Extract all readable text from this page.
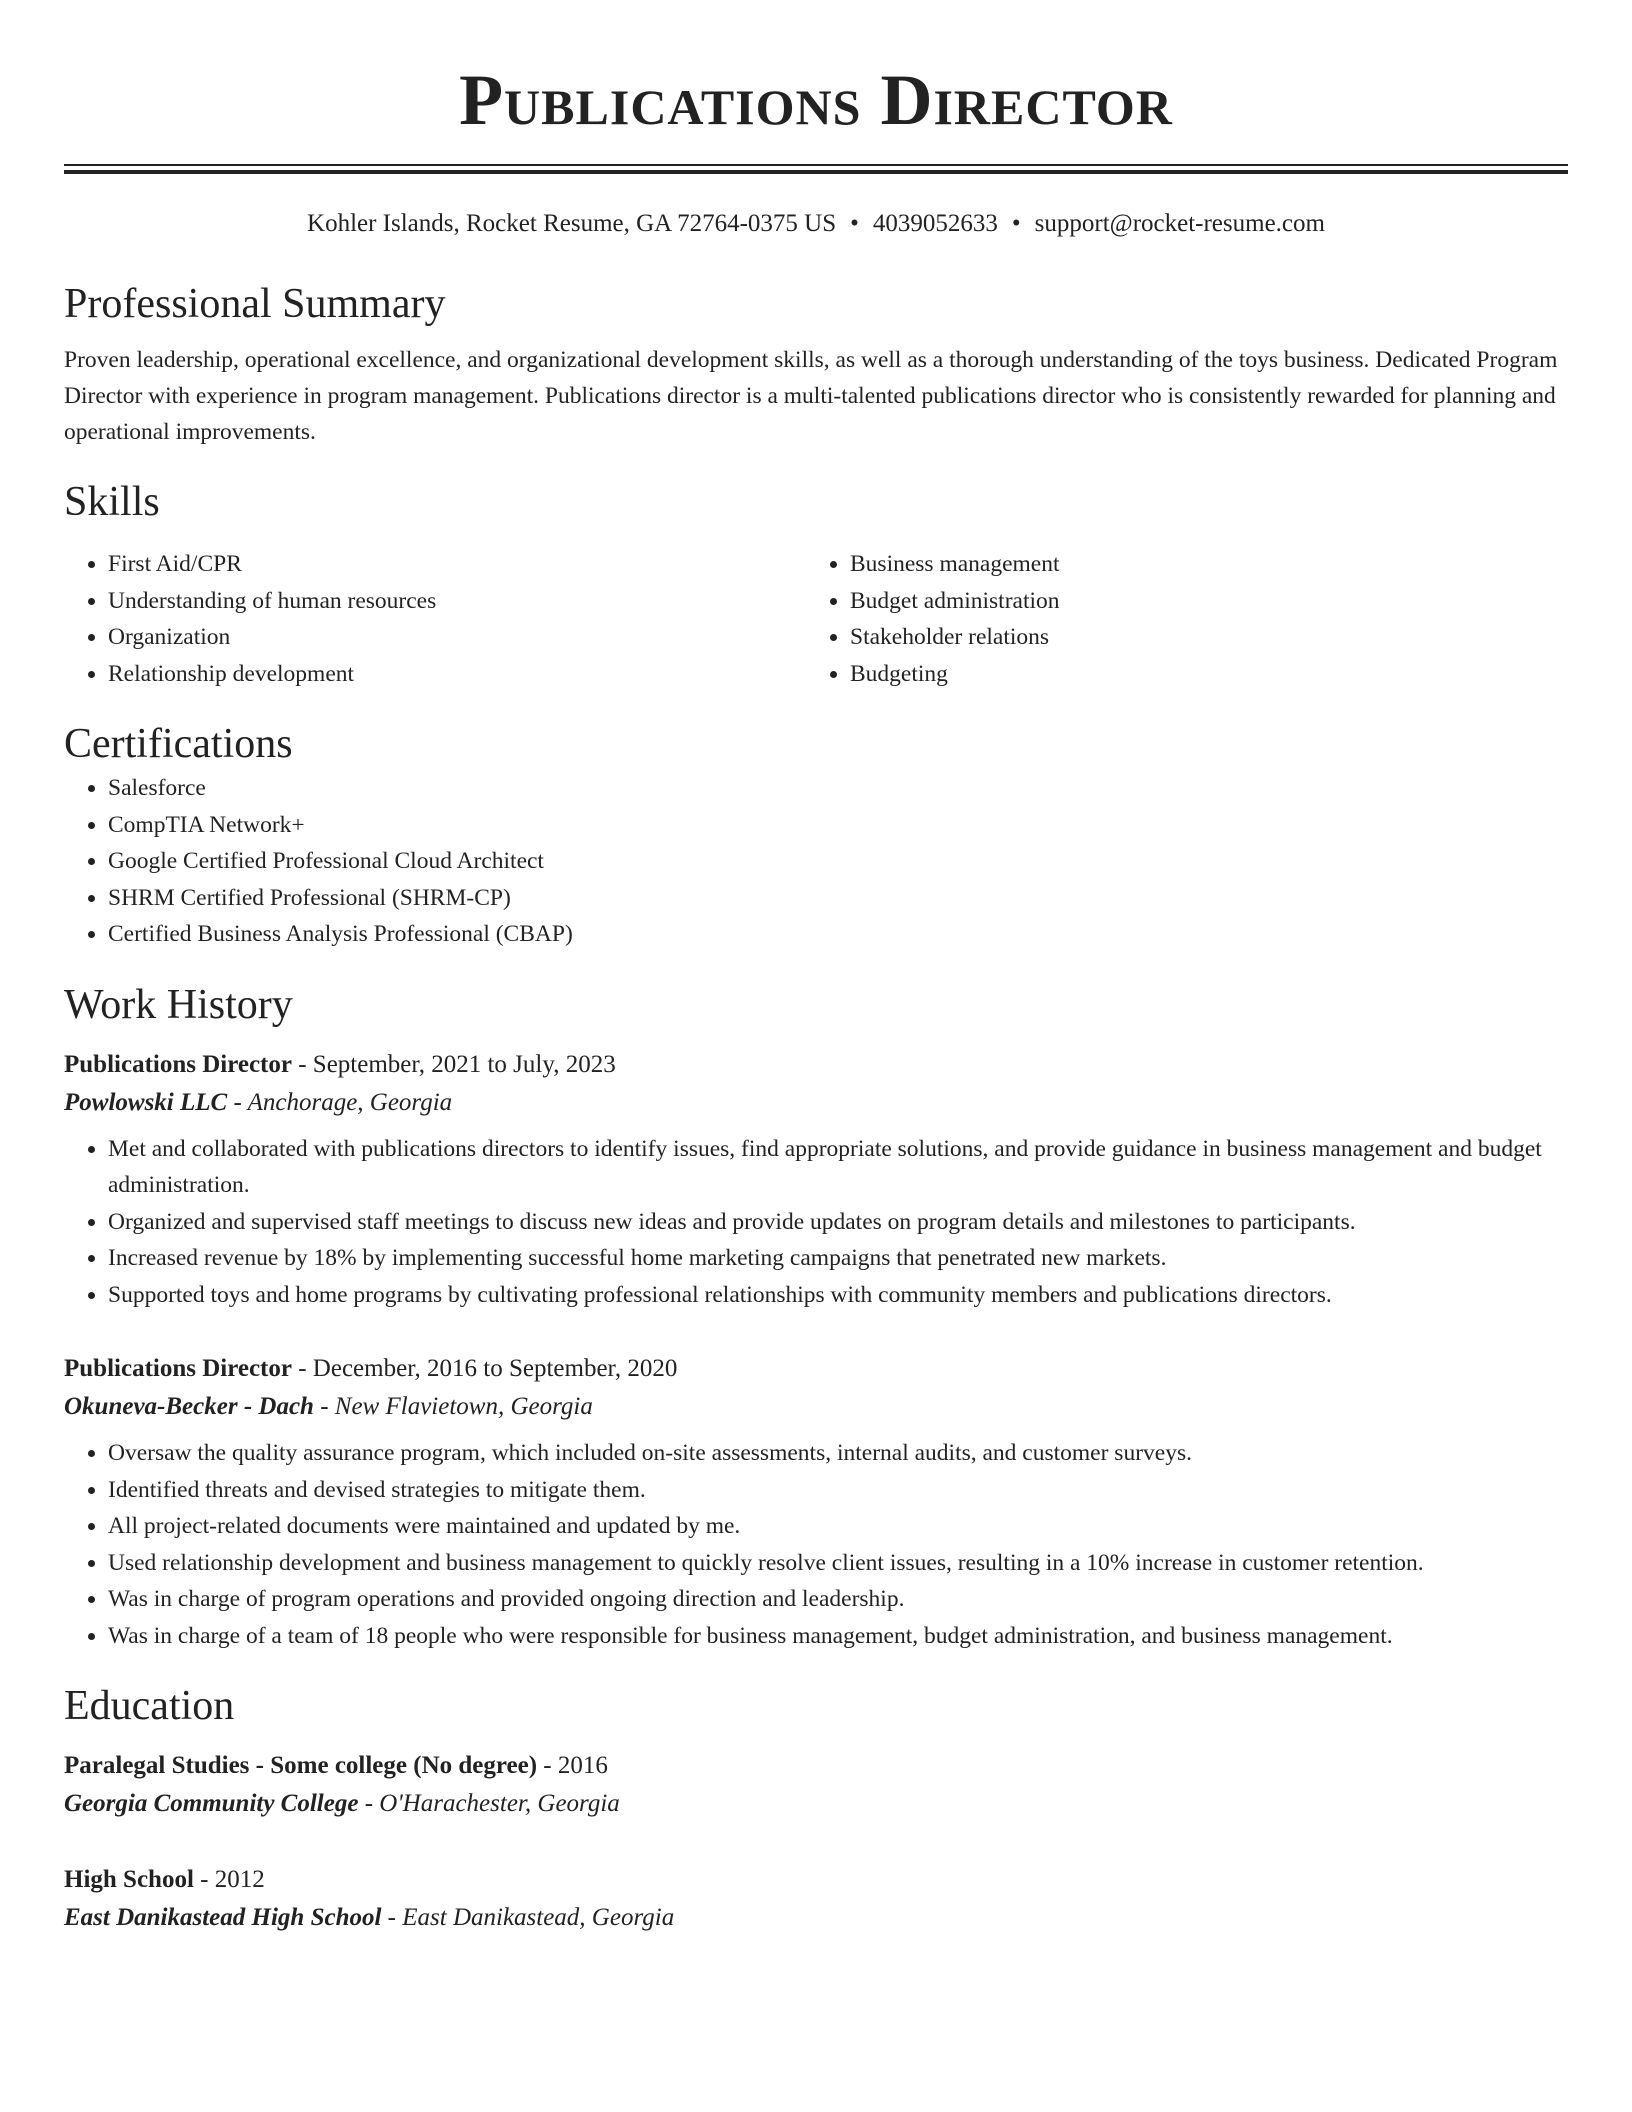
Publications Director
Kohler Islands, Rocket Resume, GA 72764-0375 US • 4039052633 • support@rocket-resume.com
Professional Summary

Proven leadership, operational excellence, and organizational development skills, as well as a thorough understanding of the toys business. Dedicated Program Director with experience in program management. Publications director is a multi-talented publications director who is consistently rewarded for planning and operational improvements.

Skills
• First Aid/CPR
• Understanding of human resources
• Organization
• Relationship development
• Business management
• Budget administration
• Stakeholder relations
• Budgeting
Certifications
• Salesforce
• CompTIA Network+
• Google Certified Professional Cloud Architect
• SHRM Certified Professional (SHRM-CP)
• Certified Business Analysis Professional (CBAP)
Work History
Publications Director - September, 2021 to July, 2023
Powlowski LLC - Anchorage, Georgia
• Met and collaborated with publications directors to identify issues, find appropriate solutions, and provide guidance in business management and budget administration.
• Organized and supervised staff meetings to discuss new ideas and provide updates on program details and milestones to participants.
• Increased revenue by 18% by implementing successful home marketing campaigns that penetrated new markets.
• Supported toys and home programs by cultivating professional relationships with community members and publications directors.
Publications Director - December, 2016 to September, 2020
Okuneva-Becker - Dach - New Flavietown, Georgia
• Oversaw the quality assurance program, which included on-site assessments, internal audits, and customer surveys.
• Identified threats and devised strategies to mitigate them.
• All project-related documents were maintained and updated by me.
• Used relationship development and business management to quickly resolve client issues, resulting in a 10% increase in customer retention.
• Was in charge of program operations and provided ongoing direction and leadership.
• Was in charge of a team of 18 people who were responsible for business management, budget administration, and business management.
Education
Paralegal Studies - Some college (No degree) - 2016
Georgia Community College - O'Harachester, Georgia
High School - 2012
East Danikastead High School - East Danikastead, Georgia
